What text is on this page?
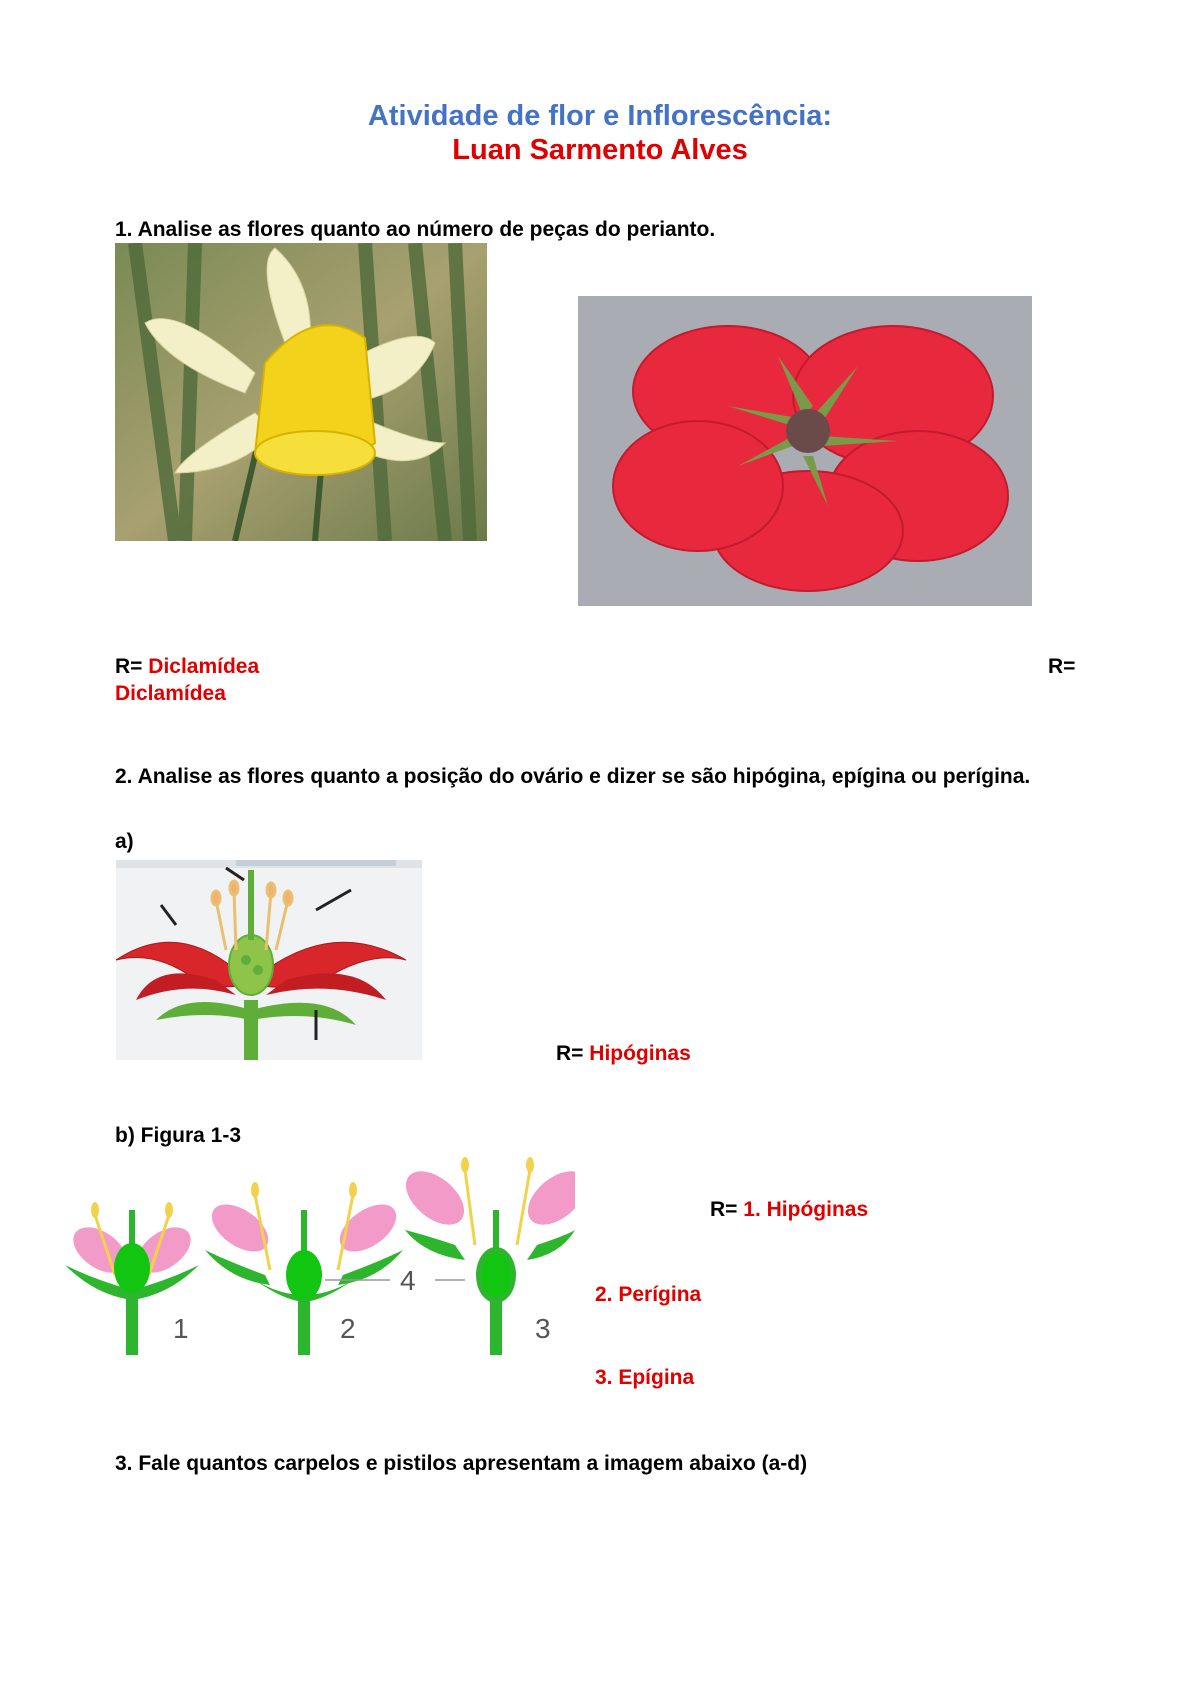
Atividade de flor e Inflorescência:
Luan Sarmento Alves
1. Analise as flores quanto ao número de peças do perianto.
R= Diclamídea	R=
Diclamídea
2. Analise as flores quanto a posição do ovário e dizer se são hipógina, epígina ou perígina.
a)
R= Hipóginas
b) Figura 1-3
1	2
4
3
R= 1. Hipóginas
2. Perígina
3. Epígina
3. Fale quantos carpelos e pistilos apresentam a imagem abaixo (a-d)
